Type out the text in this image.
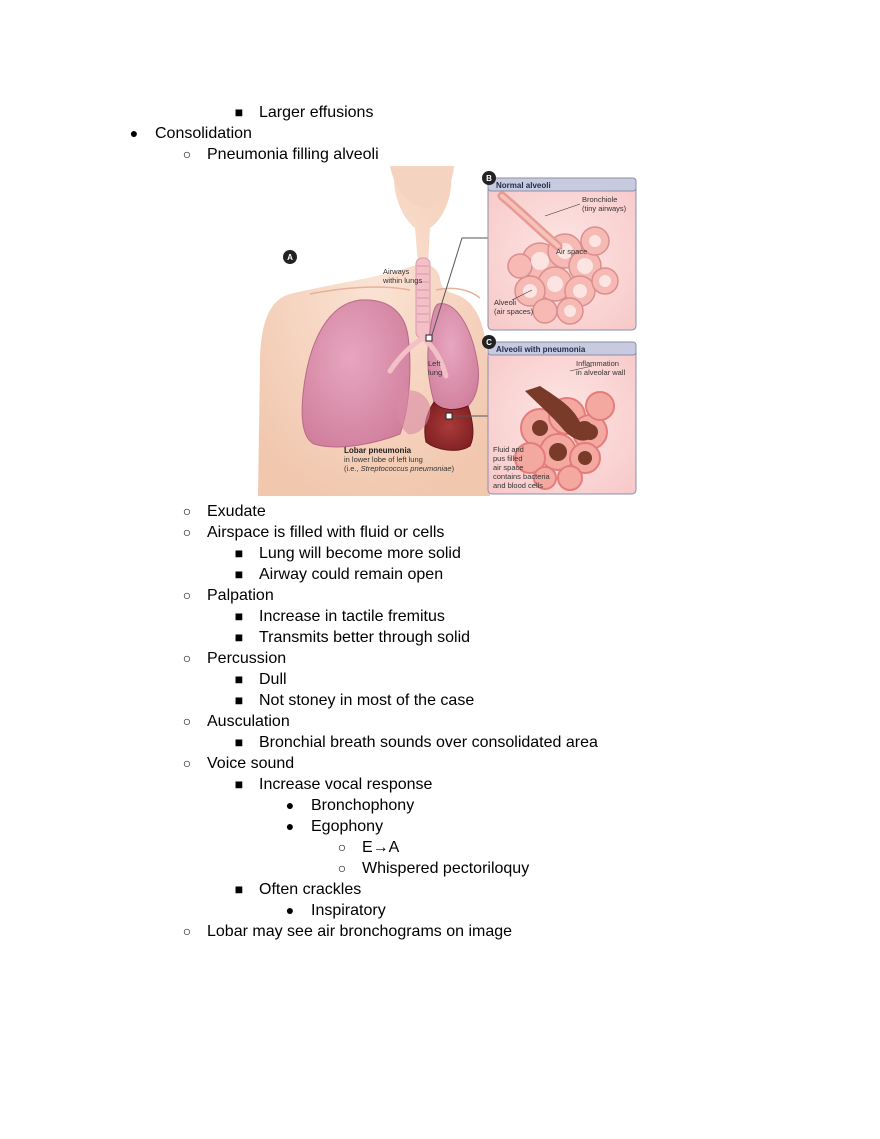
■ Larger effusions
● Consolidation
○ Pneumonia filling alveoli
A
Airways
within lungs
Left
lung
Lobar pneumonia
in lower lobe of left lung
(i.e., Streptococcus pneumoniae)
Normal alveoli
B
Bronchiole
(tiny airways)
Air space
Alveoli
(air spaces)
Alveoli with pneumonia
C
Inflammation
in alveolar wall
Fluid and
pus filled
air space
contains bacteria
and blood cells
○ Exudate
○ Airspace is filled with fluid or cells
■ Lung will become more solid
■ Airway could remain open
○ Palpation
■ Increase in tactile fremitus
■ Transmits better through solid
○ Percussion
■ Dull
■ Not stoney in most of the case
○ Ausculation
■ Bronchial breath sounds over consolidated area
○ Voice sound
■ Increase vocal response
● Bronchophony
● Egophony
○ E→A
○ Whispered pectoriloquy
■ Often crackles
● Inspiratory
○ Lobar may see air bronchograms on image
